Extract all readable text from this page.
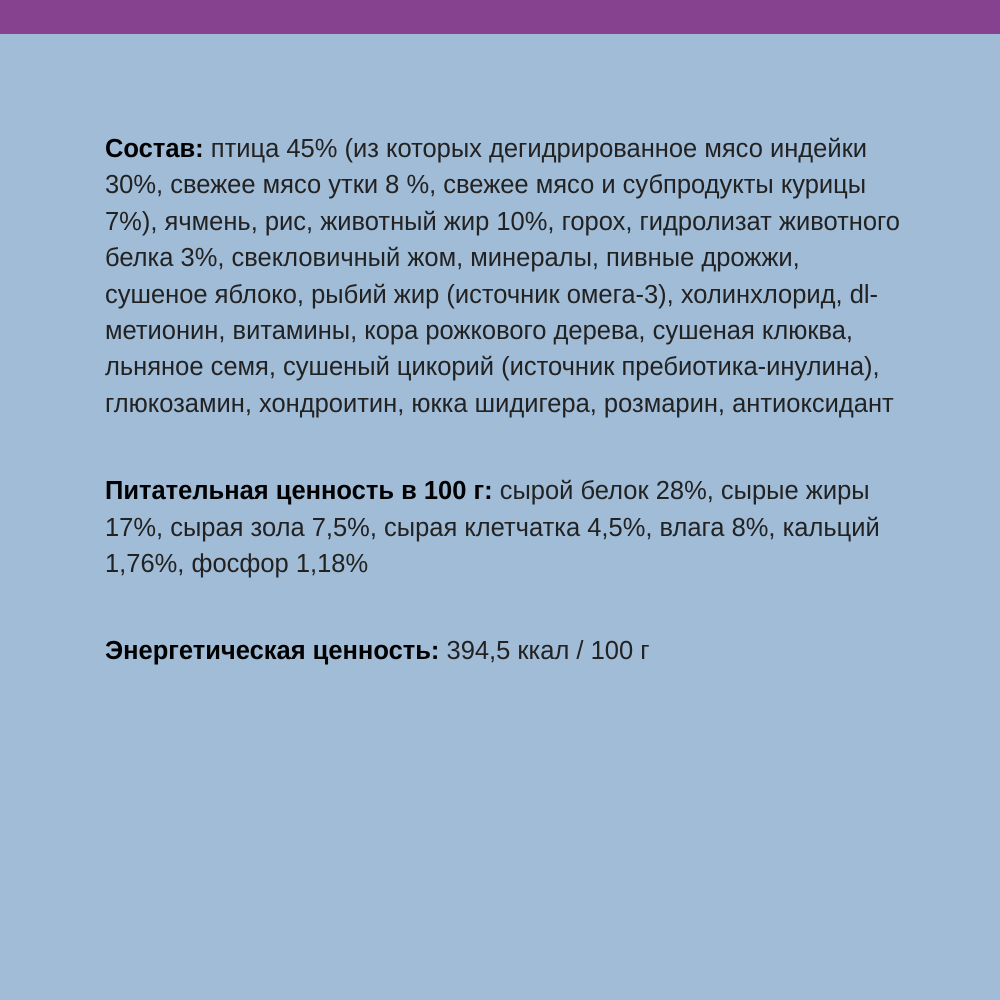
Состав: птица 45% (из которых дегидрированное мясо индейки 30%, свежее мясо утки 8 %, свежее мясо и субпродукты курицы 7%), ячмень, рис, животный жир 10%, горох, гидролизат животного белка 3%, свекловичный жом, минералы, пивные дрожжи, сушеное яблоко, рыбий жир (источник омега-3), холинхлорид, dl-метионин, витамины, кора рожкового дерева, сушеная клюква, льняное семя, сушеный цикорий (источник пребиотика-инулина), глюкозамин, хондроитин, юкка шидигера, розмарин, антиоксидант

Питательная ценность в 100 г: сырой белок 28%, сырые жиры 17%, сырая зола 7,5%, сырая клетчатка 4,5%, влага 8%, кальций 1,76%, фосфор 1,18%

Энергетическая ценность: 394,5 ккал / 100 г
